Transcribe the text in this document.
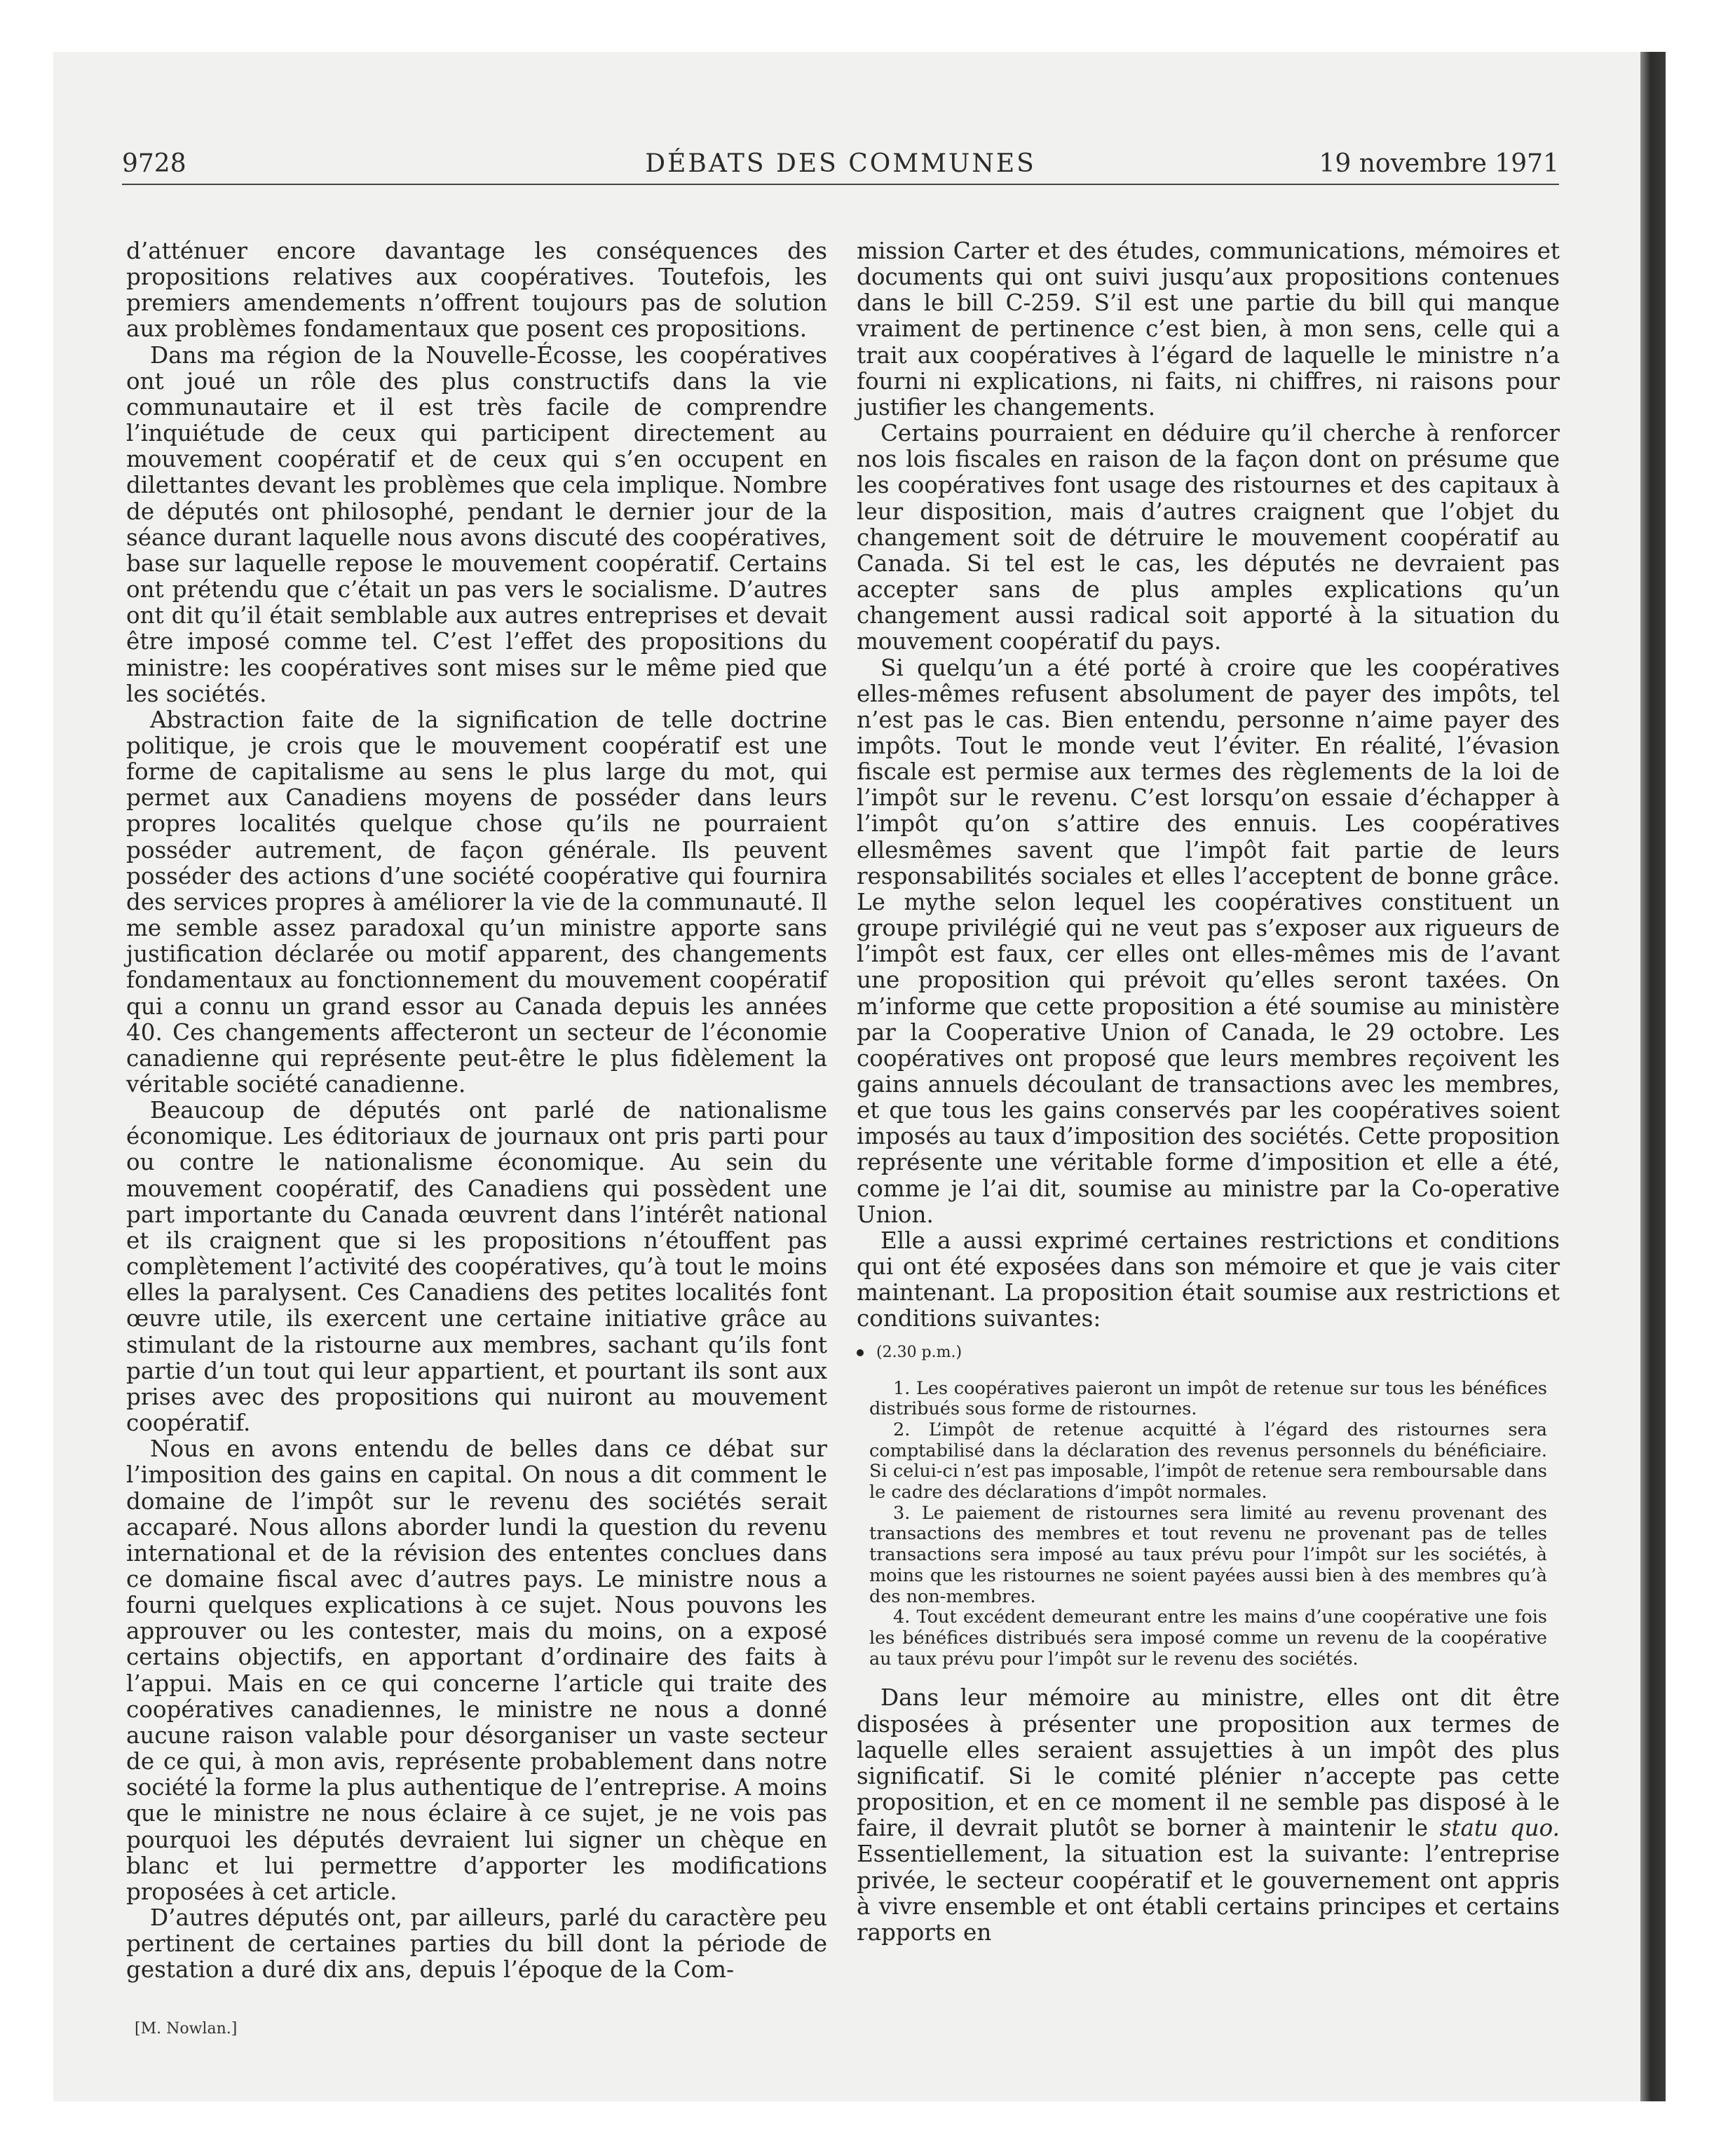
9728	DÉBATS DES COMMUNES	19 novembre 1971

d’atténuer encore davantage les conséquences des propositions relatives aux coopératives. Toutefois, les premiers amendements n’offrent toujours pas de solution aux problèmes fondamentaux que posent ces propositions.

Dans ma région de la Nouvelle-Écosse, les coopératives ont joué un rôle des plus constructifs dans la vie communautaire et il est très facile de comprendre l’inquiétude de ceux qui participent directement au mouvement coopératif et de ceux qui s’en occupent en dilettantes devant les problèmes que cela implique. Nombre de députés ont philosophé, pendant le dernier jour de la séance durant laquelle nous avons discuté des coopératives, base sur laquelle repose le mouvement coopératif. Certains ont prétendu que c’était un pas vers le socialisme. D’autres ont dit qu’il était semblable aux autres entreprises et devait être imposé comme tel. C’est l’effet des propositions du ministre: les coopératives sont mises sur le même pied que les sociétés.

Abstraction faite de la signification de telle doctrine politique, je crois que le mouvement coopératif est une forme de capitalisme au sens le plus large du mot, qui permet aux Canadiens moyens de posséder dans leurs propres localités quelque chose qu’ils ne pourraient posséder autrement, de façon générale. Ils peuvent posséder des actions d’une société coopérative qui fournira des services propres à améliorer la vie de la communauté. Il me semble assez paradoxal qu’un ministre apporte sans justification déclarée ou motif apparent, des changements fondamentaux au fonctionnement du mouvement coopératif qui a connu un grand essor au Canada depuis les années 40. Ces changements affecteront un secteur de l’économie canadienne qui représente peut-être le plus fidèlement la véritable société canadienne.

Beaucoup de députés ont parlé de nationalisme économique. Les éditoriaux de journaux ont pris parti pour ou contre le nationalisme économique. Au sein du mouvement coopératif, des Canadiens qui possèdent une part importante du Canada œuvrent dans l’intérêt national et ils craignent que si les propositions n’étouffent pas complètement l’activité des coopératives, qu’à tout le moins elles la paralysent. Ces Canadiens des petites localités font œuvre utile, ils exercent une certaine initiative grâce au stimulant de la ristourne aux membres, sachant qu’ils font partie d’un tout qui leur appartient, et pourtant ils sont aux prises avec des propositions qui nuiront au mouvement coopératif.

Nous en avons entendu de belles dans ce débat sur l’imposition des gains en capital. On nous a dit comment le domaine de l’impôt sur le revenu des sociétés serait accaparé. Nous allons aborder lundi la question du revenu international et de la révision des ententes conclues dans ce domaine fiscal avec d’autres pays. Le ministre nous a fourni quelques explications à ce sujet. Nous pouvons les approuver ou les contester, mais du moins, on a exposé certains objectifs, en apportant d’ordinaire des faits à l’appui. Mais en ce qui concerne l’article qui traite des coopératives canadiennes, le ministre ne nous a donné aucune raison valable pour désorganiser un vaste secteur de ce qui, à mon avis, représente probablement dans notre société la forme la plus authentique de l’entreprise. A moins que le ministre ne nous éclaire à ce sujet, je ne vois pas pourquoi les députés devraient lui signer un chèque en blanc et lui permettre d’apporter les modifications proposées à cet article.

D’autres députés ont, par ailleurs, parlé du caractère peu pertinent de certaines parties du bill dont la période de gestation a duré dix ans, depuis l’époque de la Com-

mission Carter et des études, communications, mémoires et documents qui ont suivi jusqu’aux propositions contenues dans le bill C-259. S’il est une partie du bill qui manque vraiment de pertinence c’est bien, à mon sens, celle qui a trait aux coopératives à l’égard de laquelle le ministre n’a fourni ni explications, ni faits, ni chiffres, ni raisons pour justifier les changements.

Certains pourraient en déduire qu’il cherche à renforcer nos lois fiscales en raison de la façon dont on présume que les coopératives font usage des ristournes et des capitaux à leur disposition, mais d’autres craignent que l’objet du changement soit de détruire le mouvement coopératif au Canada. Si tel est le cas, les députés ne devraient pas accepter sans de plus amples explications qu’un changement aussi radical soit apporté à la situation du mouvement coopératif du pays.

Si quelqu’un a été porté à croire que les coopératives elles-mêmes refusent absolument de payer des impôts, tel n’est pas le cas. Bien entendu, personne n’aime payer des impôts. Tout le monde veut l’éviter. En réalité, l’évasion fiscale est permise aux termes des règlements de la loi de l’impôt sur le revenu. C’est lorsqu’on essaie d’échapper à l’impôt qu’on s’attire des ennuis. Les coopératives ellesmêmes savent que l’impôt fait partie de leurs responsabilités sociales et elles l’acceptent de bonne grâce. Le mythe selon lequel les coopératives constituent un groupe privilégié qui ne veut pas s’exposer aux rigueurs de l’impôt est faux, cer elles ont elles-mêmes mis de l’avant une proposition qui prévoit qu’elles seront taxées. On m’informe que cette proposition a été soumise au ministère par la Cooperative Union of Canada, le 29 octobre. Les coopératives ont proposé que leurs membres reçoivent les gains annuels découlant de transactions avec les membres, et que tous les gains conservés par les coopératives soient imposés au taux d’imposition des sociétés. Cette proposition représente une véritable forme d’imposition et elle a été, comme je l’ai dit, soumise au ministre par la Co-operative Union.

Elle a aussi exprimé certaines restrictions et conditions qui ont été exposées dans son mémoire et que je vais citer maintenant. La proposition était soumise aux restrictions et conditions suivantes:

(2.30 p.m.)

1. Les coopératives paieront un impôt de retenue sur tous les bénéfices distribués sous forme de ristournes.

2. L’impôt de retenue acquitté à l’égard des ristournes sera comptabilisé dans la déclaration des revenus personnels du bénéficiaire. Si celui-ci n’est pas imposable, l’impôt de retenue sera remboursable dans le cadre des déclarations d’impôt normales.

3. Le paiement de ristournes sera limité au revenu provenant des transactions des membres et tout revenu ne provenant pas de telles transactions sera imposé au taux prévu pour l’impôt sur les sociétés, à moins que les ristournes ne soient payées aussi bien à des membres qu’à des non-membres.

4. Tout excédent demeurant entre les mains d’une coopérative une fois les bénéfices distribués sera imposé comme un revenu de la coopérative au taux prévu pour l’impôt sur le revenu des sociétés.

Dans leur mémoire au ministre, elles ont dit être disposées à présenter une proposition aux termes de laquelle elles seraient assujetties à un impôt des plus significatif. Si le comité plénier n’accepte pas cette proposition, et en ce moment il ne semble pas disposé à le faire, il devrait plutôt se borner à maintenir le statu quo. Essentiellement, la situation est la suivante: l’entreprise privée, le secteur coopératif et le gouvernement ont appris à vivre ensemble et ont établi certains principes et certains rapports en

[M. Nowlan.]
